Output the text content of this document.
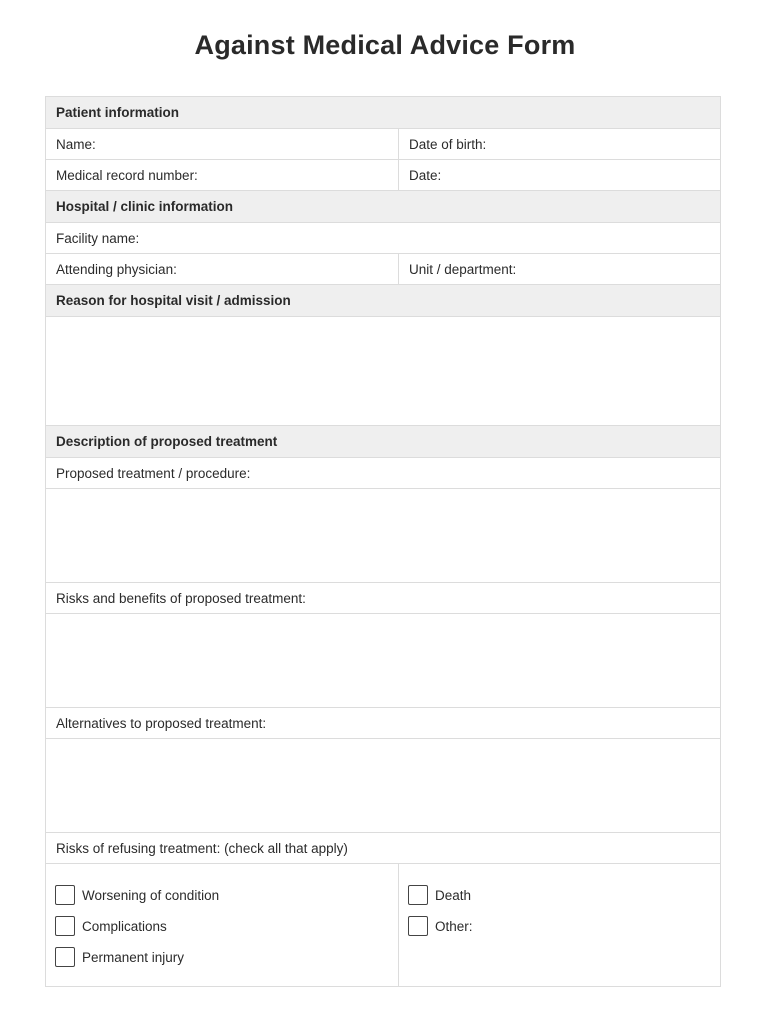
Against Medical Advice Form
Patient information
Name:	Date of birth:
Medical record number:	Date:
Hospital / clinic information
Facility name:
Attending physician:	Unit / department:
Reason for hospital visit / admission
Description of proposed treatment
Proposed treatment / procedure:
Risks and benefits of proposed treatment:
Alternatives to proposed treatment:
Risks of refusing treatment: (check all that apply)
Worsening of condition
Complications
Permanent injury
Death
Other:
